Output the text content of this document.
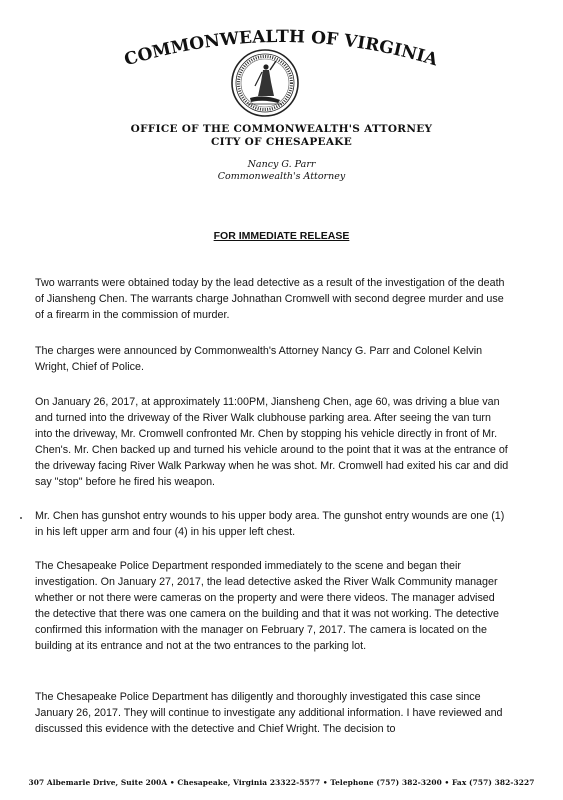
COMMONWEALTH OF VIRGINIA
· · · · ·
OFFICE OF THE COMMONWEALTH'S ATTORNEY
CITY OF CHESAPEAKE
Nancy G. Parr
Commonwealth's Attorney
FOR IMMEDIATE RELEASE
Two warrants were obtained today by the lead detective as a result of the investigation of the death of Jiansheng Chen. The warrants charge Johnathan Cromwell with second degree murder and use of a firearm in the commission of murder.
The charges were announced by Commonwealth's Attorney Nancy G. Parr and Colonel Kelvin Wright, Chief of Police.
On January 26, 2017, at approximately 11:00PM, Jiansheng Chen, age 60, was driving a blue van and turned into the driveway of the River Walk clubhouse parking area. After seeing the van turn into the driveway, Mr. Cromwell confronted Mr. Chen by stopping his vehicle directly in front of Mr. Chen's. Mr. Chen backed up and turned his vehicle around to the point that it was at the entrance of the driveway facing River Walk Parkway when he was shot. Mr. Cromwell had exited his car and did say "stop" before he fired his weapon.
Mr. Chen has gunshot entry wounds to his upper body area. The gunshot entry wounds are one (1) in his left upper arm and four (4) in his upper left chest.
The Chesapeake Police Department responded immediately to the scene and began their investigation. On January 27, 2017, the lead detective asked the River Walk Community manager whether or not there were cameras on the property and were there videos. The manager advised the detective that there was one camera on the building and that it was not working. The detective confirmed this information with the manager on February 7, 2017. The camera is located on the building at its entrance and not at the two entrances to the parking lot.
The Chesapeake Police Department has diligently and thoroughly investigated this case since January 26, 2017. They will continue to investigate any additional information. I have reviewed and discussed this evidence with the detective and Chief Wright. The decision to
307 Albemarle Drive, Suite 200A • Chesapeake, Virginia 23322-5577 • Telephone (757) 382-3200 • Fax (757) 382-3227
